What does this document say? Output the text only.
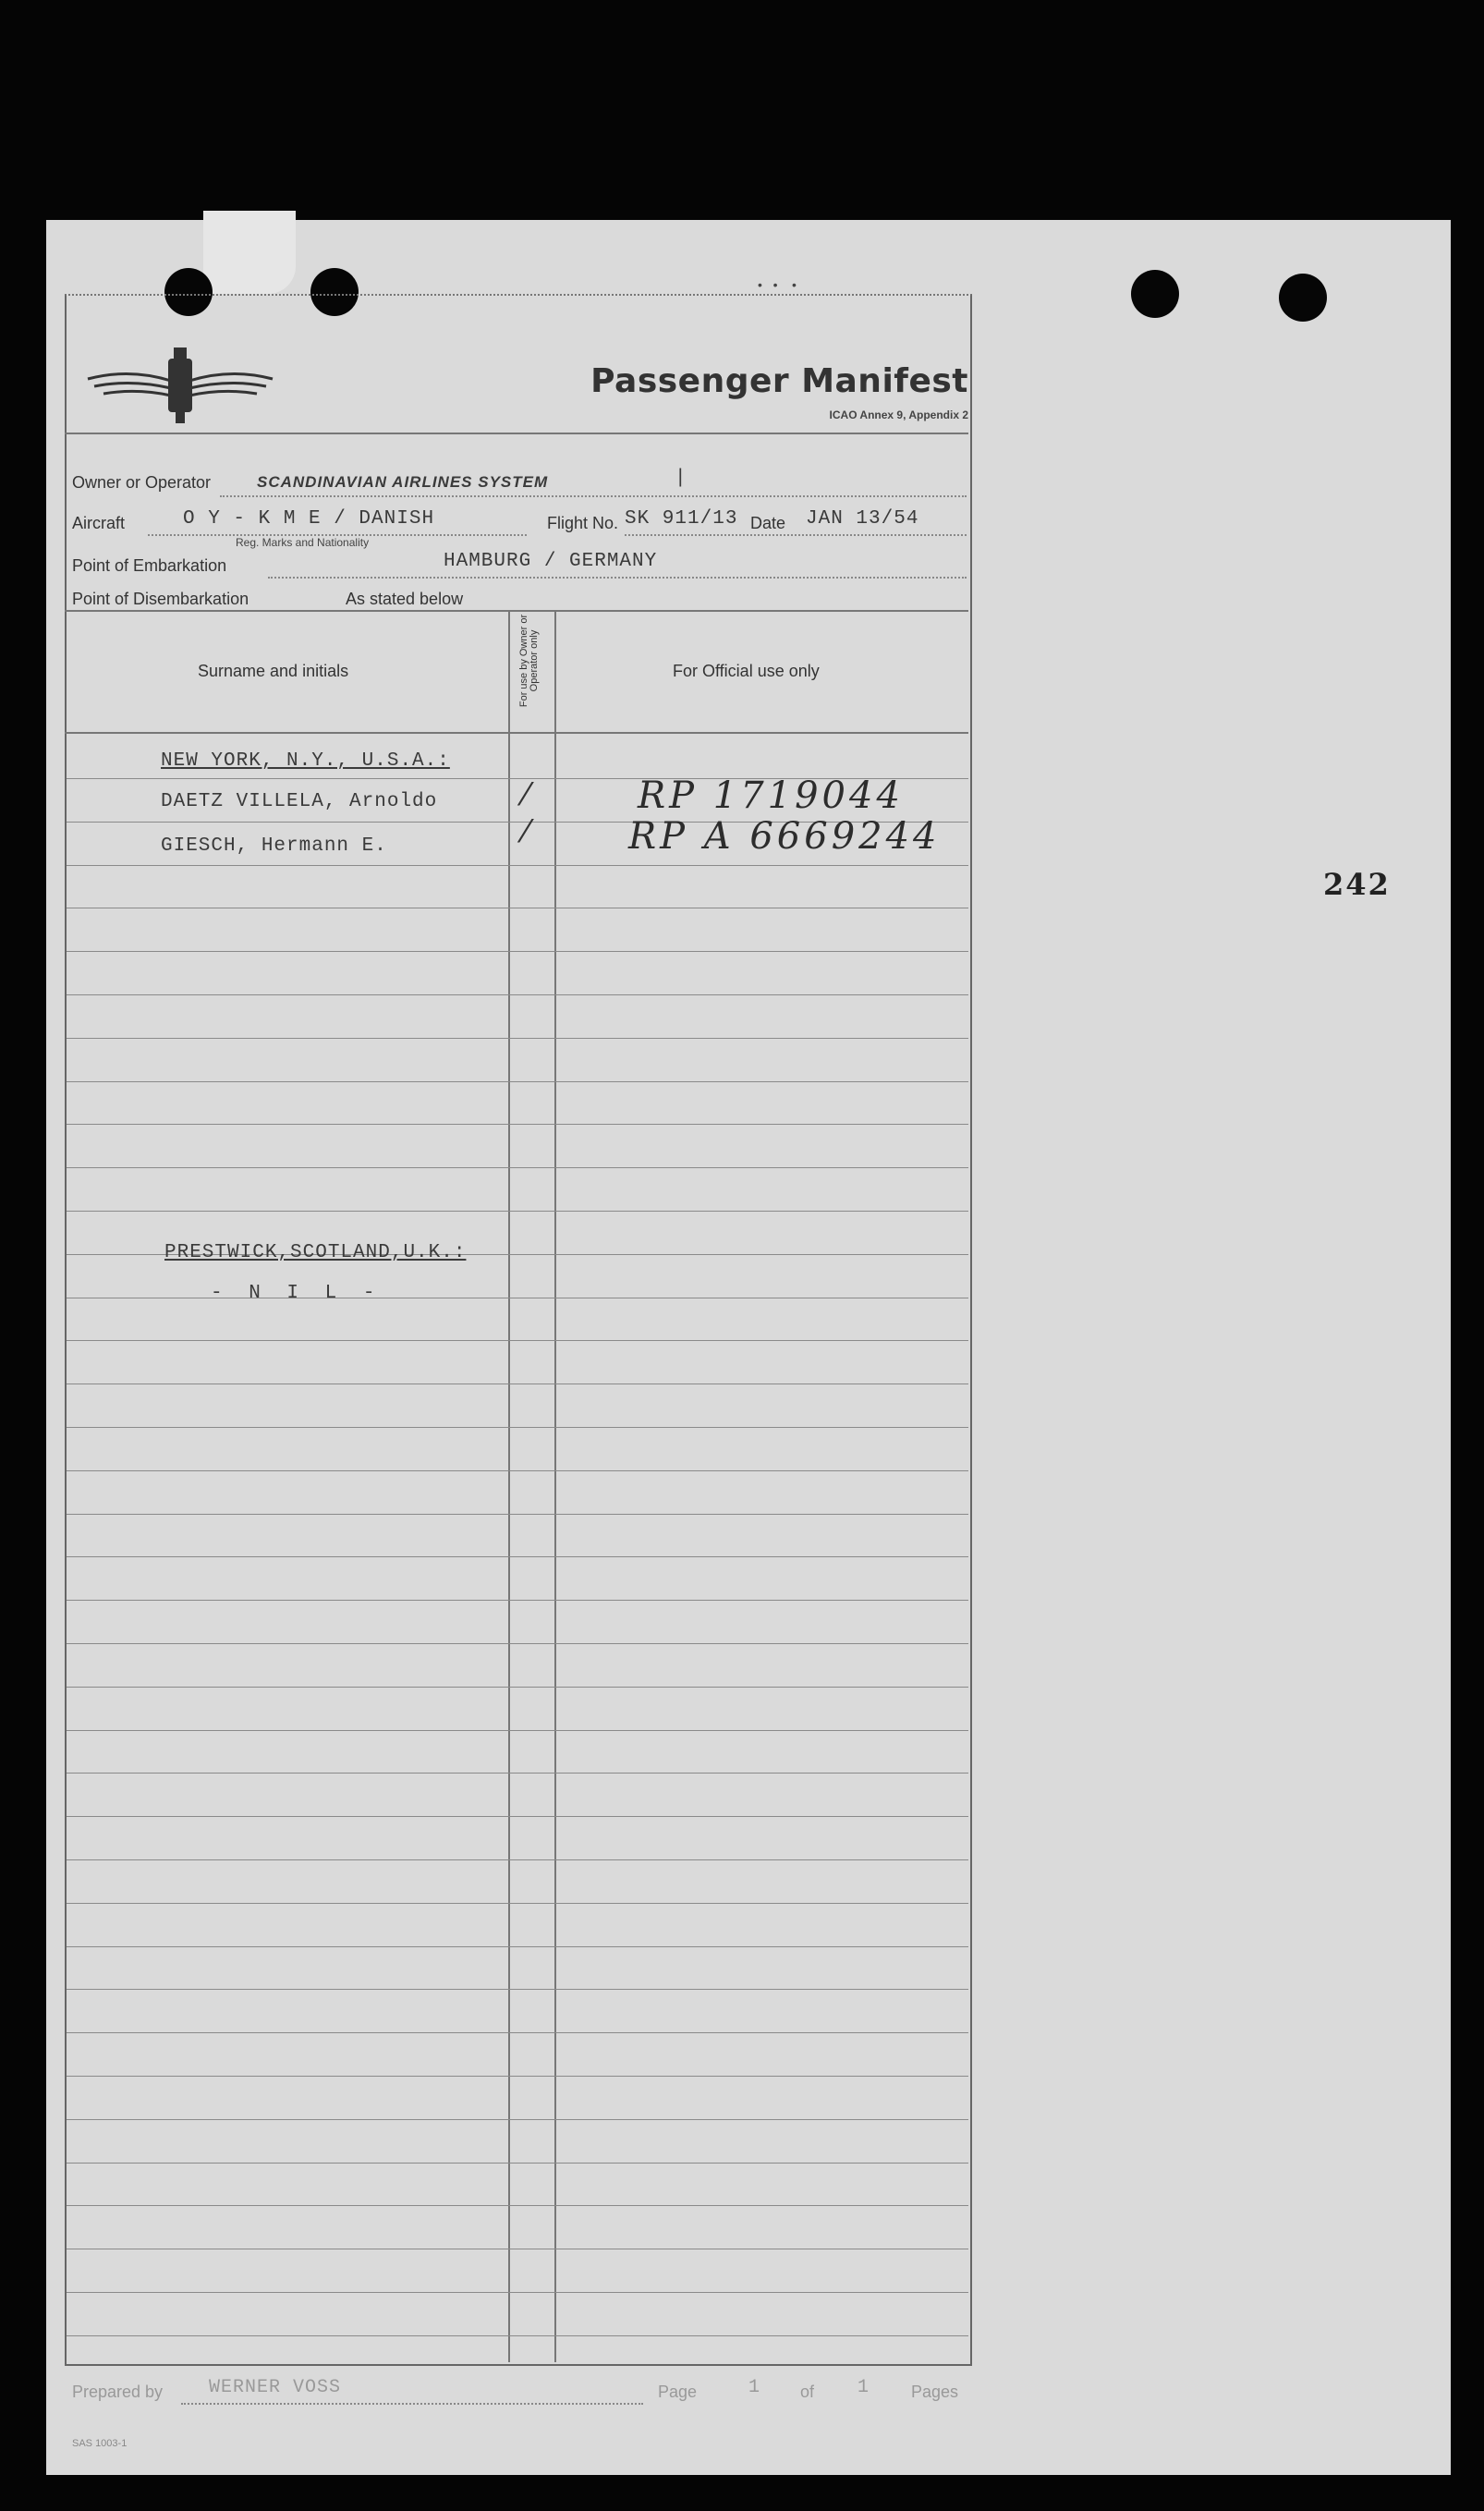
•   •    •
Passenger Manifest
ICAO Annex 9, Appendix 2
Owner or Operator	SCANDINAVIAN AIRLINES SYSTEM	|
Aircraft	O Y - K M E / DANISH
Reg. Marks and Nationality
Flight No. SK 911/13 Date JAN 13/54
Point of Embarkation	HAMBURG / GERMANY
Point of Disembarkation	As stated below
Surname and initials	For use by Owner or Operator only	For Official use only
NEW YORK, N.Y., U.S.A.:
DAETZ VILLELA, Arnoldo	⁄	RP 1719044
GIESCH, Hermann E.	⁄	RP A 6669244
PRESTWICK,SCOTLAND,U.K.:
- N I L -
242
Prepared by WERNER VOSS	Page	1 of 1 Pages
SAS 1003-1
